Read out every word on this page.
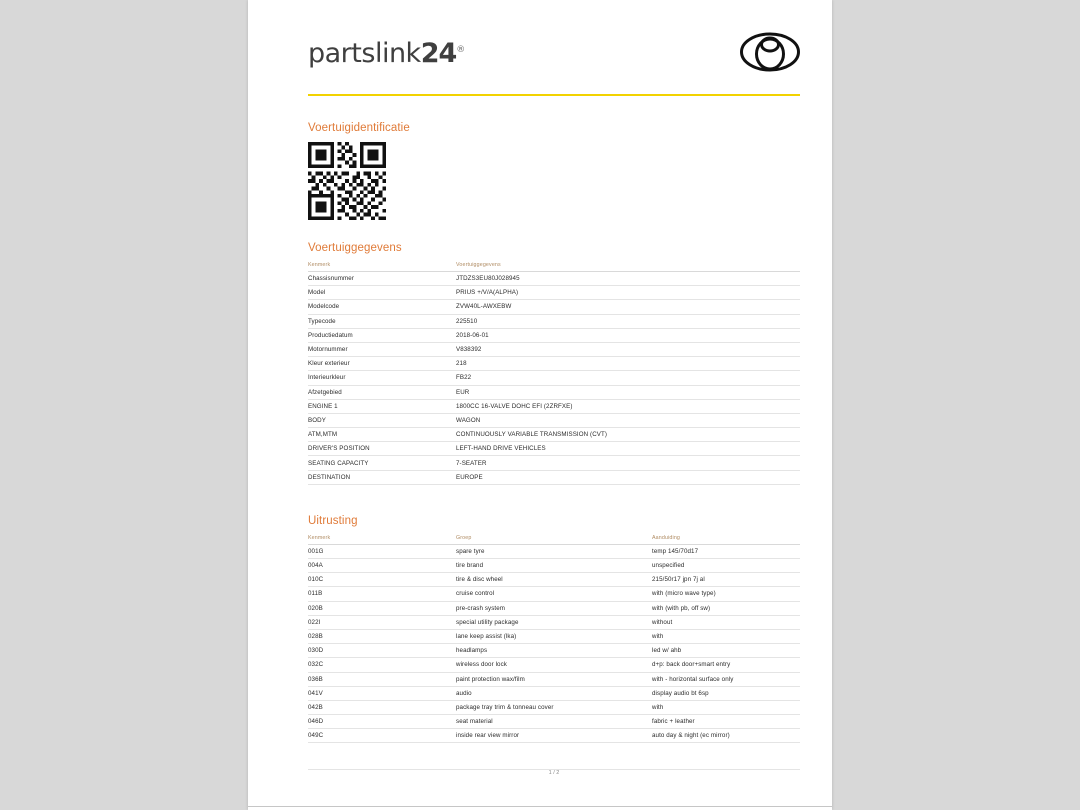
partslink24®
Voertuigidentificatie
Voertuiggegevens
Kenmerk	Voertuiggegevens
Chassisnummer	JTDZS3EU80J028945
Model	PRIUS +/V/A(ALPHA)
Modelcode	ZVW40L-AWXEBW
Typecode	225510
Productiedatum	2018-06-01
Motornummer	V838392
Kleur exterieur	218
Interieurkleur	FB22
Afzetgebied	EUR
ENGINE 1	1800CC 16-VALVE DOHC EFI (2ZRFXE)
BODY	WAGON
ATM,MTM	CONTINUOUSLY VARIABLE TRANSMISSION (CVT)
DRIVER'S POSITION	LEFT-HAND DRIVE VEHICLES
SEATING CAPACITY	7-SEATER
DESTINATION	EUROPE
Uitrusting
Kenmerk	Groep	Aanduiding
001G	spare tyre	temp 145/70d17
004A	tire brand	unspecified
010C	tire & disc wheel	215/50r17 jpn 7j al
011B	cruise control	with (micro wave type)
020B	pre-crash system	with (with pb, off sw)
022I	special utility package	without
028B	lane keep assist (lka)	with
030D	headlamps	led w/ ahb
032C	wireless door lock	d+p: back door+smart entry
036B	paint protection wax/film	with - horizontal surface only
041V	audio	display audio bt 6sp
042B	package tray trim & tonneau cover	with
046D	seat material	fabric + leather
049C	inside rear view mirror	auto day & night (ec mirror)
1 / 2
